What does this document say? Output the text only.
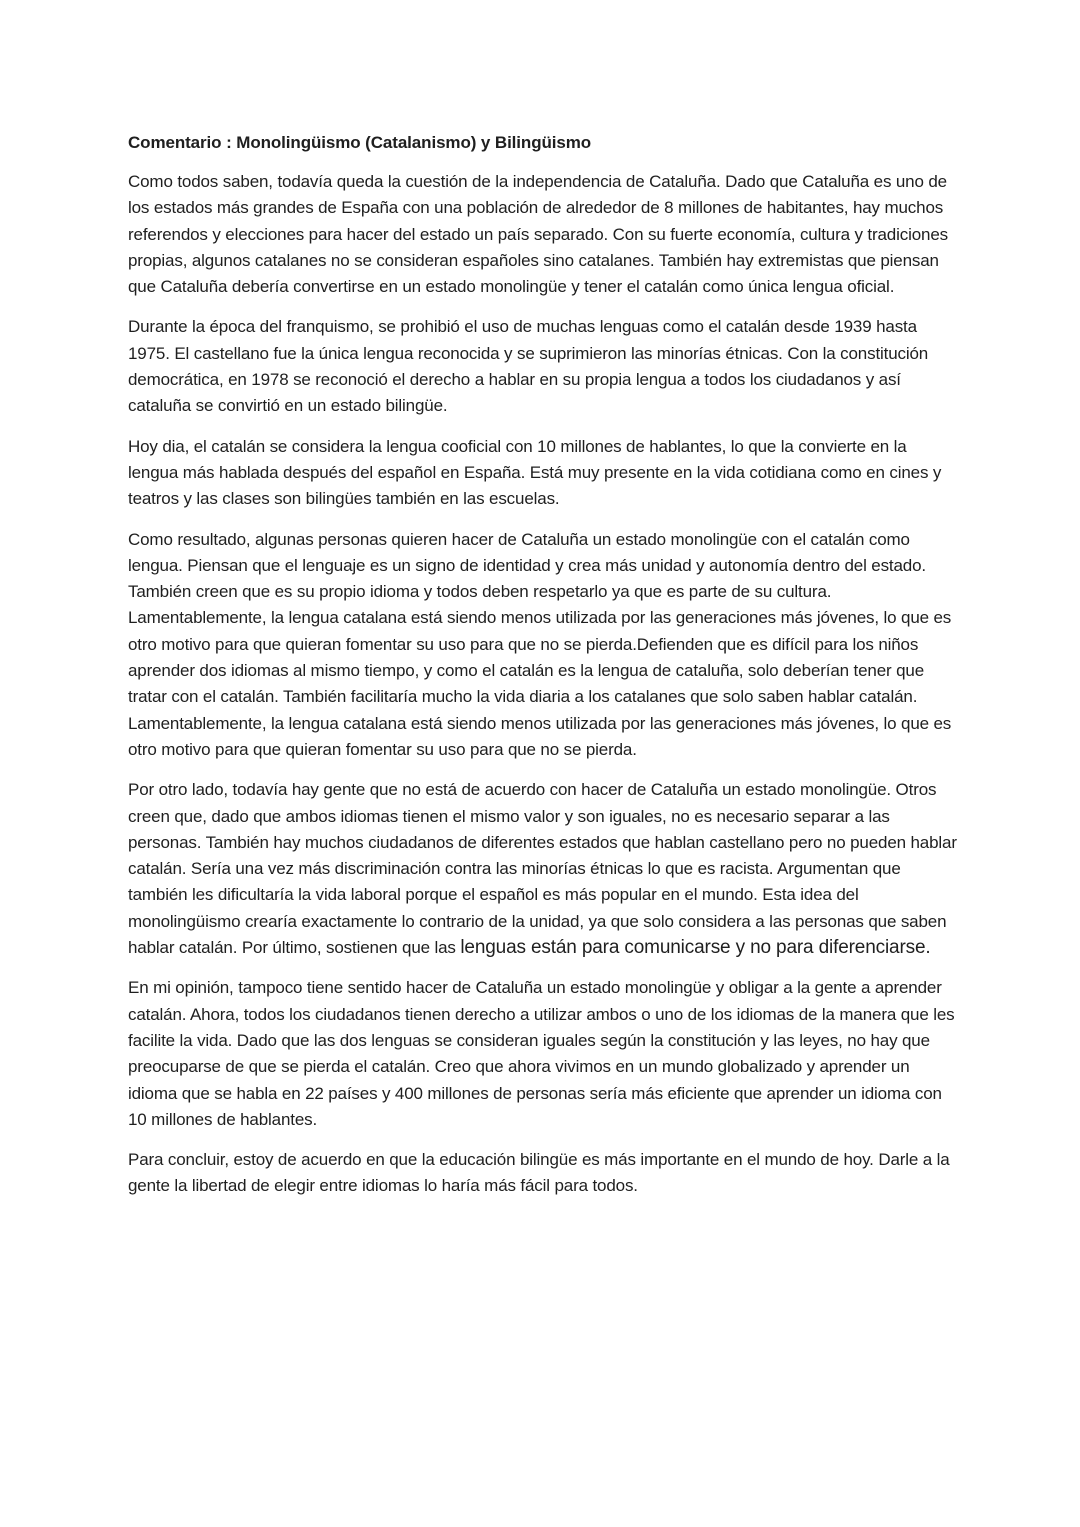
Comentario : Monolingüismo (Catalanismo) y Bilingüismo

Como todos saben, todavía queda la cuestión de la independencia de Cataluña. Dado que Cataluña es uno de los estados más grandes de España con una población de alrededor de 8 millones de habitantes, hay muchos referendos y elecciones para hacer del estado un país separado. Con su fuerte economía, cultura y tradiciones propias, algunos catalanes no se consideran españoles sino catalanes. También hay extremistas que piensan que Cataluña debería convertirse en un estado monolingüe y tener el catalán como única lengua oficial.

Durante la época del franquismo, se prohibió el uso de muchas lenguas como el catalán desde 1939 hasta 1975. El castellano fue la única lengua reconocida y se suprimieron las minorías étnicas. Con la constitución democrática, en 1978 se reconoció el derecho a hablar en su propia lengua a todos los ciudadanos y así cataluña se convirtió en un estado bilingüe.

Hoy dia, el catalán se considera la lengua cooficial con 10 millones de hablantes, lo que la convierte en la lengua más hablada después del español en España. Está muy presente en la vida cotidiana como en cines y teatros y las clases son bilingües también en las escuelas.

Como resultado, algunas personas quieren hacer de Cataluña un estado monolingüe con el catalán como lengua. Piensan que el lenguaje es un signo de identidad y crea más unidad y autonomía dentro del estado. También creen que es su propio idioma y todos deben respetarlo ya que es parte de su cultura. Lamentablemente, la lengua catalana está siendo menos utilizada por las generaciones más jóvenes, lo que es otro motivo para que quieran fomentar su uso para que no se pierda.Defienden que es difícil para los niños aprender dos idiomas al mismo tiempo, y como el catalán es la lengua de cataluña, solo deberían tener que tratar con el catalán. También facilitaría mucho la vida diaria a los catalanes que solo saben hablar catalán. Lamentablemente, la lengua catalana está siendo menos utilizada por las generaciones más jóvenes, lo que es otro motivo para que quieran fomentar su uso para que no se pierda.

Por otro lado, todavía hay gente que no está de acuerdo con hacer de Cataluña un estado monolingüe. Otros creen que, dado que ambos idiomas tienen el mismo valor y son iguales, no es necesario separar a las personas. También hay muchos ciudadanos de diferentes estados que hablan castellano pero no pueden hablar catalán. Sería una vez más discriminación contra las minorías étnicas lo que es racista. Argumentan que también les dificultaría la vida laboral porque el español es más popular en el mundo. Esta idea del monolingüismo crearía exactamente lo contrario de la unidad, ya que solo considera a las personas que saben hablar catalán. Por último, sostienen que las lenguas están para comunicarse y no para diferenciarse.

En mi opinión, tampoco tiene sentido hacer de Cataluña un estado monolingüe y obligar a la gente a aprender catalán. Ahora, todos los ciudadanos tienen derecho a utilizar ambos o uno de los idiomas de la manera que les facilite la vida. Dado que las dos lenguas se consideran iguales según la constitución y las leyes, no hay que preocuparse de que se pierda el catalán. Creo que ahora vivimos en un mundo globalizado y aprender un idioma que se habla en 22 países y 400 millones de personas sería más eficiente que aprender un idioma con 10 millones de hablantes.

Para concluir, estoy de acuerdo en que la educación bilingüe es más importante en el mundo de hoy. Darle a la gente la libertad de elegir entre idiomas lo haría más fácil para todos.
